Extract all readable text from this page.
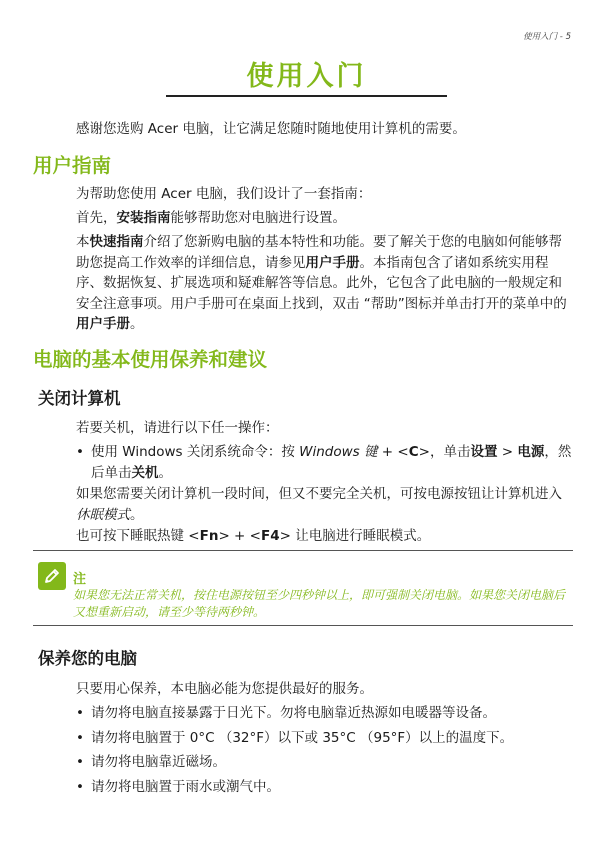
使用入门 - 5
使用入门
感谢您选购 Acer 电脑，让它满足您随时随地使用计算机的需要。
用户指南
为帮助您使用 Acer 电脑，我们设计了一套指南：
首先，安装指南能够帮助您对电脑进行设置。
本快速指南介绍了您新购电脑的基本特性和功能。要了解关于您的电脑如何能够帮助您提高工作效率的详细信息，请参见用户手册。本指南包含了诸如系统实用程序、数据恢复、扩展选项和疑难解答等信息。此外，它包含了此电脑的一般规定和安全注意事项。用户手册可在桌面上找到，双击 “帮助”图标并单击打开的菜单中的用户手册。
电脑的基本使用保养和建议
关闭计算机
若要关机，请进行以下任一操作：
• 使用 Windows 关闭系统命令：按 Windows 键 + <C>，单击设置 > 电源，然后单击关机。
如果您需要关闭计算机一段时间，但又不要完全关机，可按电源按钮让计算机进入休眠模式。
也可按下睡眠热键 <Fn> + <F4> 让电脑进行睡眠模式。
注
如果您无法正常关机，按住电源按钮至少四秒钟以上，即可强制关闭电脑。如果您关闭电脑后又想重新启动，请至少等待两秒钟。
保养您的电脑
只要用心保养，本电脑必能为您提供最好的服务。
• 请勿将电脑直接暴露于日光下。勿将电脑靠近热源如电暖器等设备。
• 请勿将电脑置于 0°C （32°F）以下或 35°C （95°F）以上的温度下。
• 请勿将电脑靠近磁场。
• 请勿将电脑置于雨水或潮气中。
